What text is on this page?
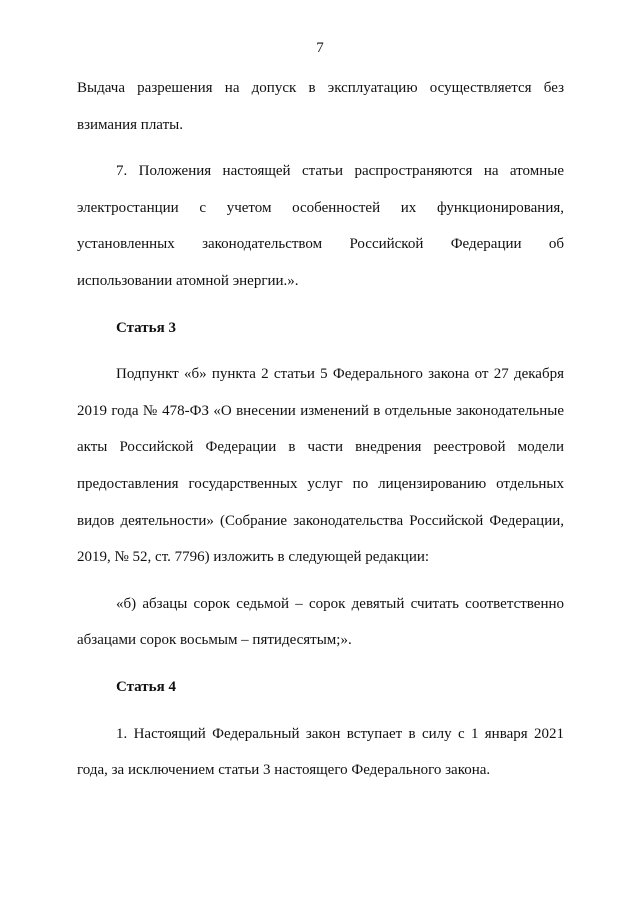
7

Выдача разрешения на допуск в эксплуатацию осуществляется без взимания платы.

7. Положения настоящей статьи распространяются на атомные электростанции с учетом особенностей их функционирования, установленных законодательством Российской Федерации об использовании атомной энергии.».

Статья 3

Подпункт «б» пункта 2 статьи 5 Федерального закона от 27 декабря 2019 года № 478-ФЗ «О внесении изменений в отдельные законодательные акты Российской Федерации в части внедрения реестровой модели предоставления государственных услуг по лицензированию отдельных видов деятельности» (Собрание законодательства Российской Федерации, 2019, № 52, ст. 7796) изложить в следующей редакции:

«б) абзацы сорок седьмой – сорок девятый считать соответственно абзацами сорок восьмым – пятидесятым;».

Статья 4

1. Настоящий Федеральный закон вступает в силу с 1 января 2021 года, за исключением статьи 3 настоящего Федерального закона.
